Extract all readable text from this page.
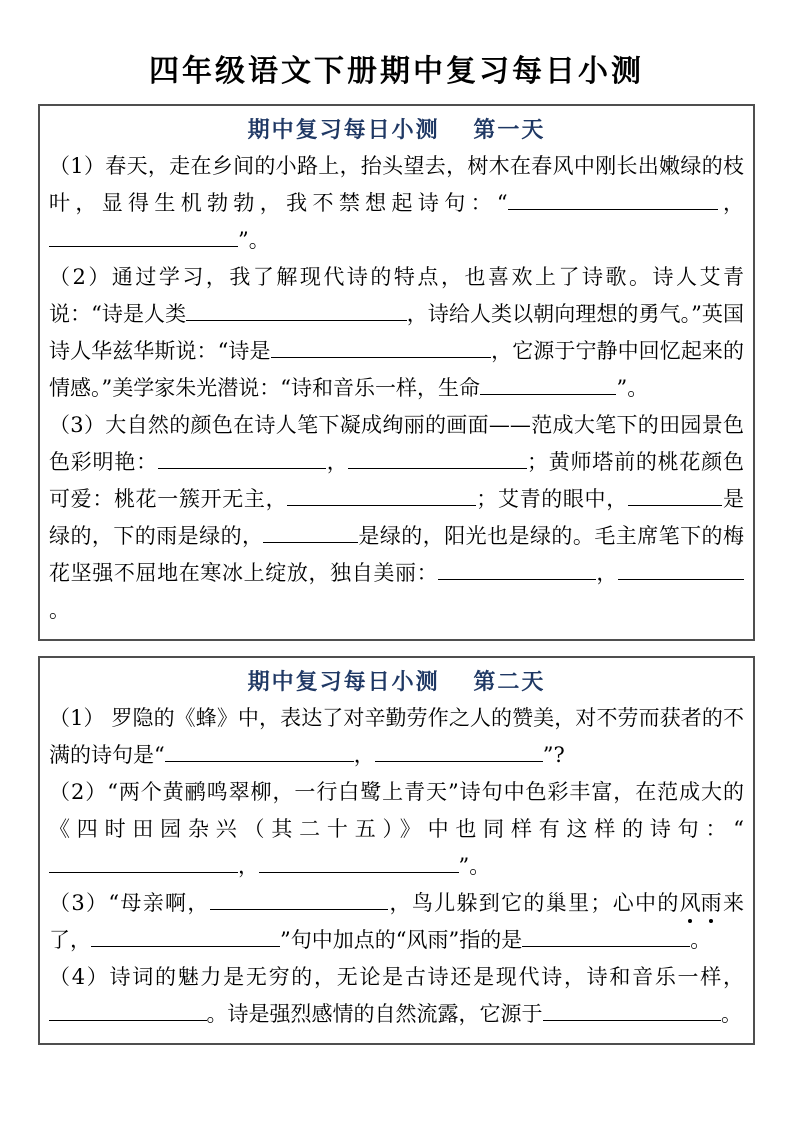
四年级语文下册期中复习每日小测
期中复习每日小测　 第一天

（1）春天，走在乡间的小路上，抬头望去，树木在春风中刚长出嫩绿的枝叶，显得生机勃勃，我不禁想起诗句：“	，”。

（2）通过学习，我了解现代诗的特点，也喜欢上了诗歌。诗人艾青说：“诗是人类	，诗给人类以朝向理想的勇气。”英国诗人华兹华斯说：“诗是	，它源于宁静中回忆起来的情感。”美学家朱光潜说：“诗和音乐一样，生命	”。

（3）大自然的颜色在诗人笔下凝成绚丽的画面——范成大笔下的田园景色色彩明艳：	，	；黄师塔前的桃花颜色可爱：桃花一簇开无主，	；艾青的眼中，	是绿的，下的雨是绿的，	是绿的，阳光也是绿的。毛主席笔下的梅花坚强不屈地在寒冰上绽放，独自美丽：	，。

期中复习每日小测　 第二天

（1） 罗隐的《蜂》中，表达了对辛勤劳作之人的赞美，对不劳而获者的不满的诗句是“	，	”?

（2）“两个黄鹂鸣翠柳，一行白鹭上青天”诗句中色彩丰富，在范成大的《四时田园杂兴（其二十五）》中也同样有这样的诗句：“，	”。

（3）“母亲啊，	，鸟儿躲到它的巢里；心中的风雨来了，	”句中加点的“风雨”指的是	。

（4）诗词的魅力是无穷的，无论是古诗还是现代诗，诗和音乐一样，。诗是强烈感情的自然流露，它源于	。
